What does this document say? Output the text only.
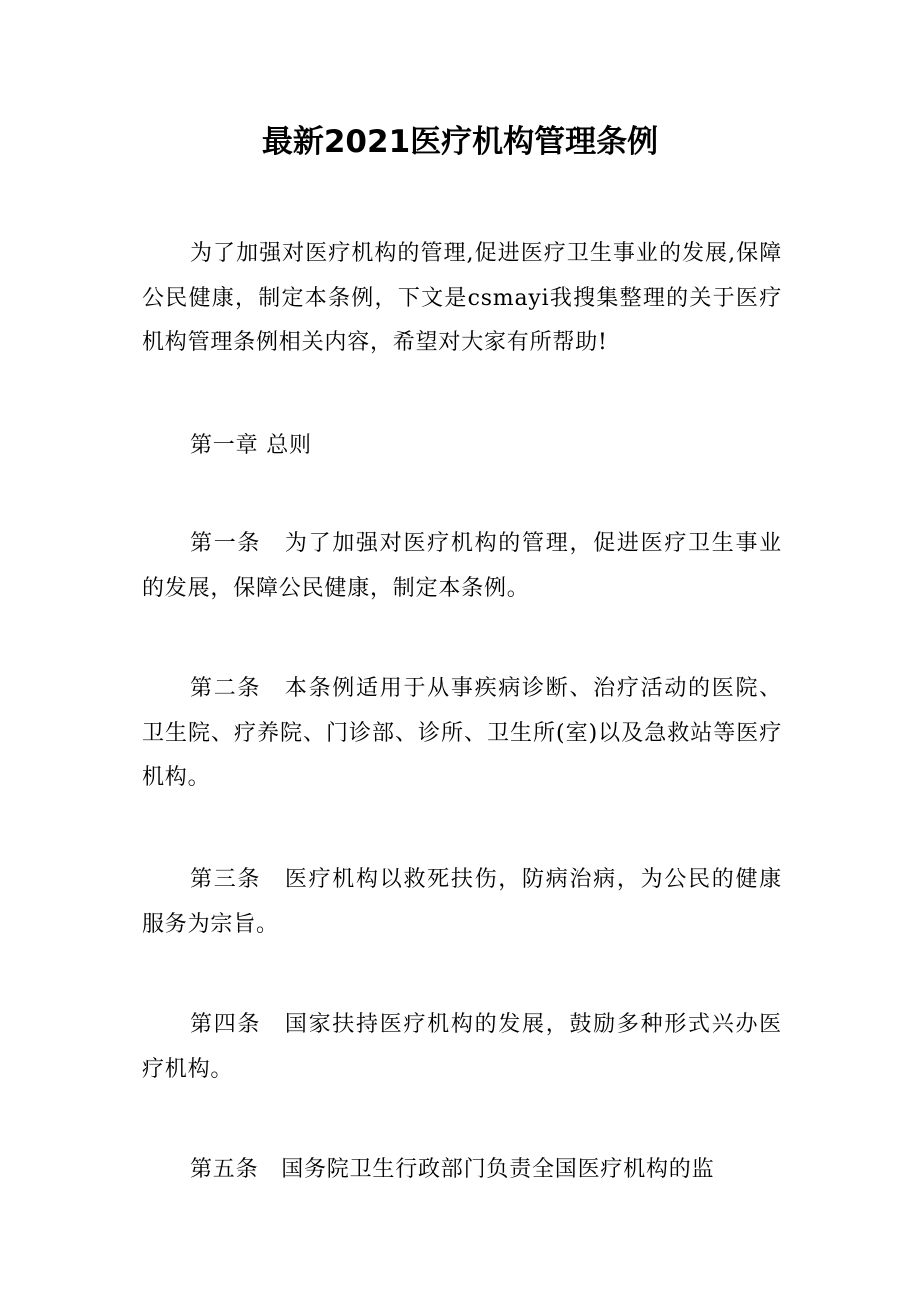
最新2021医疗机构管理条例

为了加强对医疗机构的管理,促进医疗卫生事业的发展,保障公民健康，制定本条例，下文是csmayi我搜集整理的关于医疗机构管理条例相关内容，希望对大家有所帮助!

第一章 总则

第一条　为了加强对医疗机构的管理，促进医疗卫生事业的发展，保障公民健康，制定本条例。

第二条　本条例适用于从事疾病诊断、治疗活动的医院、卫生院、疗养院、门诊部、诊所、卫生所(室)以及急救站等医疗机构。

第三条　医疗机构以救死扶伤，防病治病，为公民的健康服务为宗旨。

第四条　国家扶持医疗机构的发展，鼓励多种形式兴办医疗机构。

第五条　国务院卫生行政部门负责全国医疗机构的监
